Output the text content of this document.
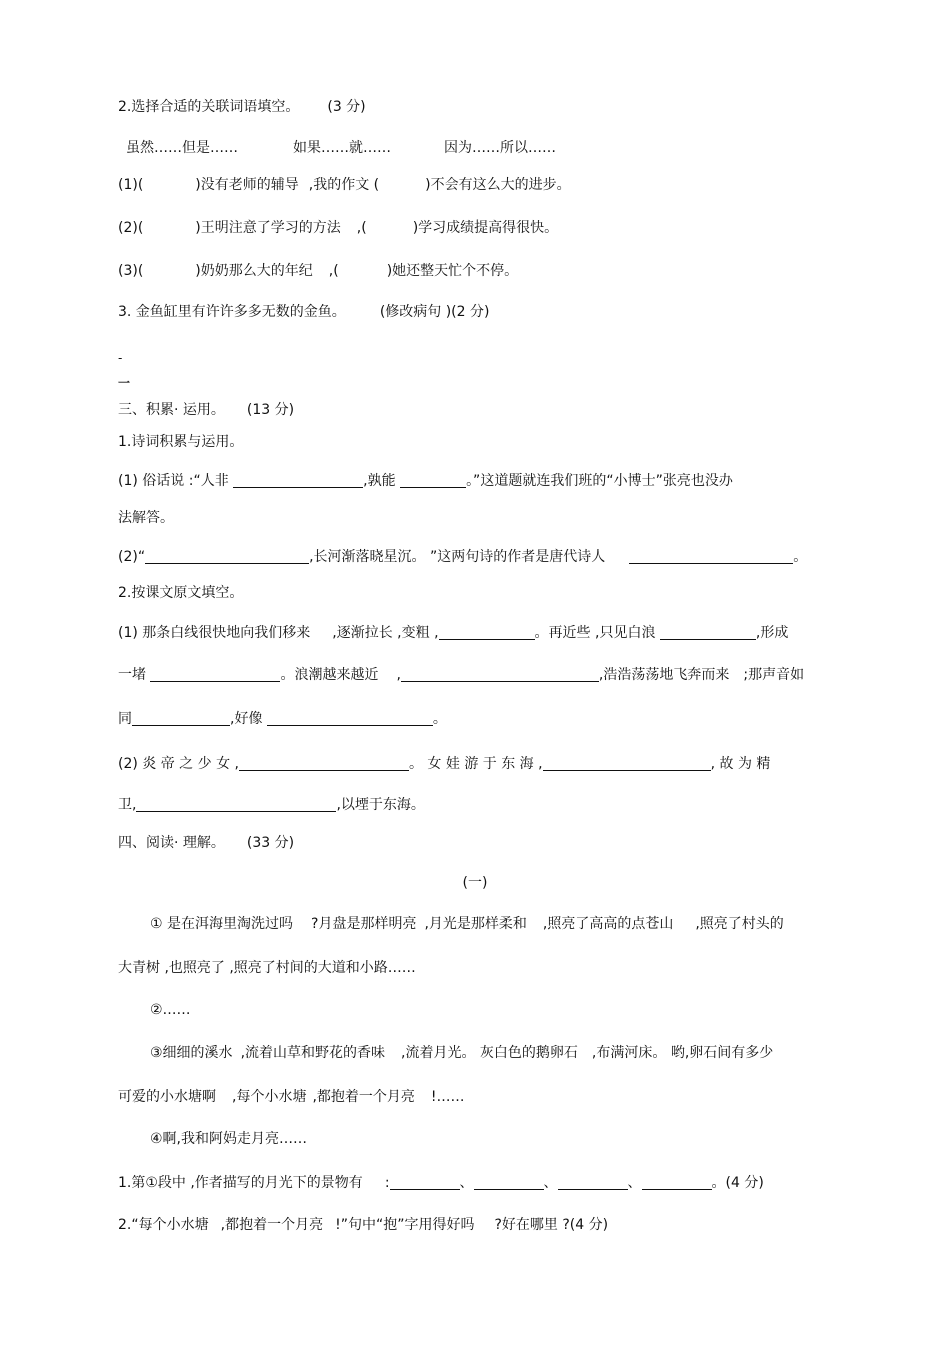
2.选择合适的关联词语填空。 (3 分)
虽然……但是……	如果……就……	因为……所以……
(1)(	)没有老师的辅导 ,我的作文 (	)不会有这么大的进步。
(2)(	)王明注意了学习的方法 ,(	)学习成绩提高得很快。
(3)(	)奶奶那么大的年纪 ,(	)她还整天忙个不停。
3. 金鱼缸里有许许多多无数的金鱼。 (修改病句 )(2 分)
-
一
三、积累· 运用。 (13 分)
1.诗词积累与运用。
(1) 俗话说 :“人非	,孰能	。”这道题就连我们班的“小博士”张亮也没办
法解答。
(2)“	,长河渐落晓星沉。 ”这两句诗的作者是唐代诗人	。
2.按课文原文填空。
(1) 那条白线很快地向我们移来 ,逐渐拉长 ,变粗 ,	。再近些 ,只见白浪	,形成
一堵	。浪潮越来越近 ,	,浩浩荡荡地飞奔而来 ;那声音如
同	,好像	。
(2) 炎 帝 之 少 女 ,	。 女 娃 游 于 东 海 ,	, 故 为 精
卫,	,以堙于东海。
四、阅读· 理解。 (33 分)
(一)
① 是在洱海里淘洗过吗 ?月盘是那样明亮 ,月光是那样柔和 ,照亮了高高的点苍山 ,照亮了村头的
大青树 ,也照亮了 ,照亮了村间的大道和小路……
②……
③细细的溪水 ,流着山草和野花的香味 ,流着月光。 灰白色的鹅卵石 ,布满河床。 哟,卵石间有多少
可爱的小水塘啊 ,每个小水塘 ,都抱着一个月亮 !……
④啊,我和阿妈走月亮……
1.第①段中 ,作者描写的月光下的景物有 :	、	、	、	。(4 分)
2.“每个小水塘 ,都抱着一个月亮 !”句中“抱”字用得好吗 ?好在哪里 ?(4 分)
